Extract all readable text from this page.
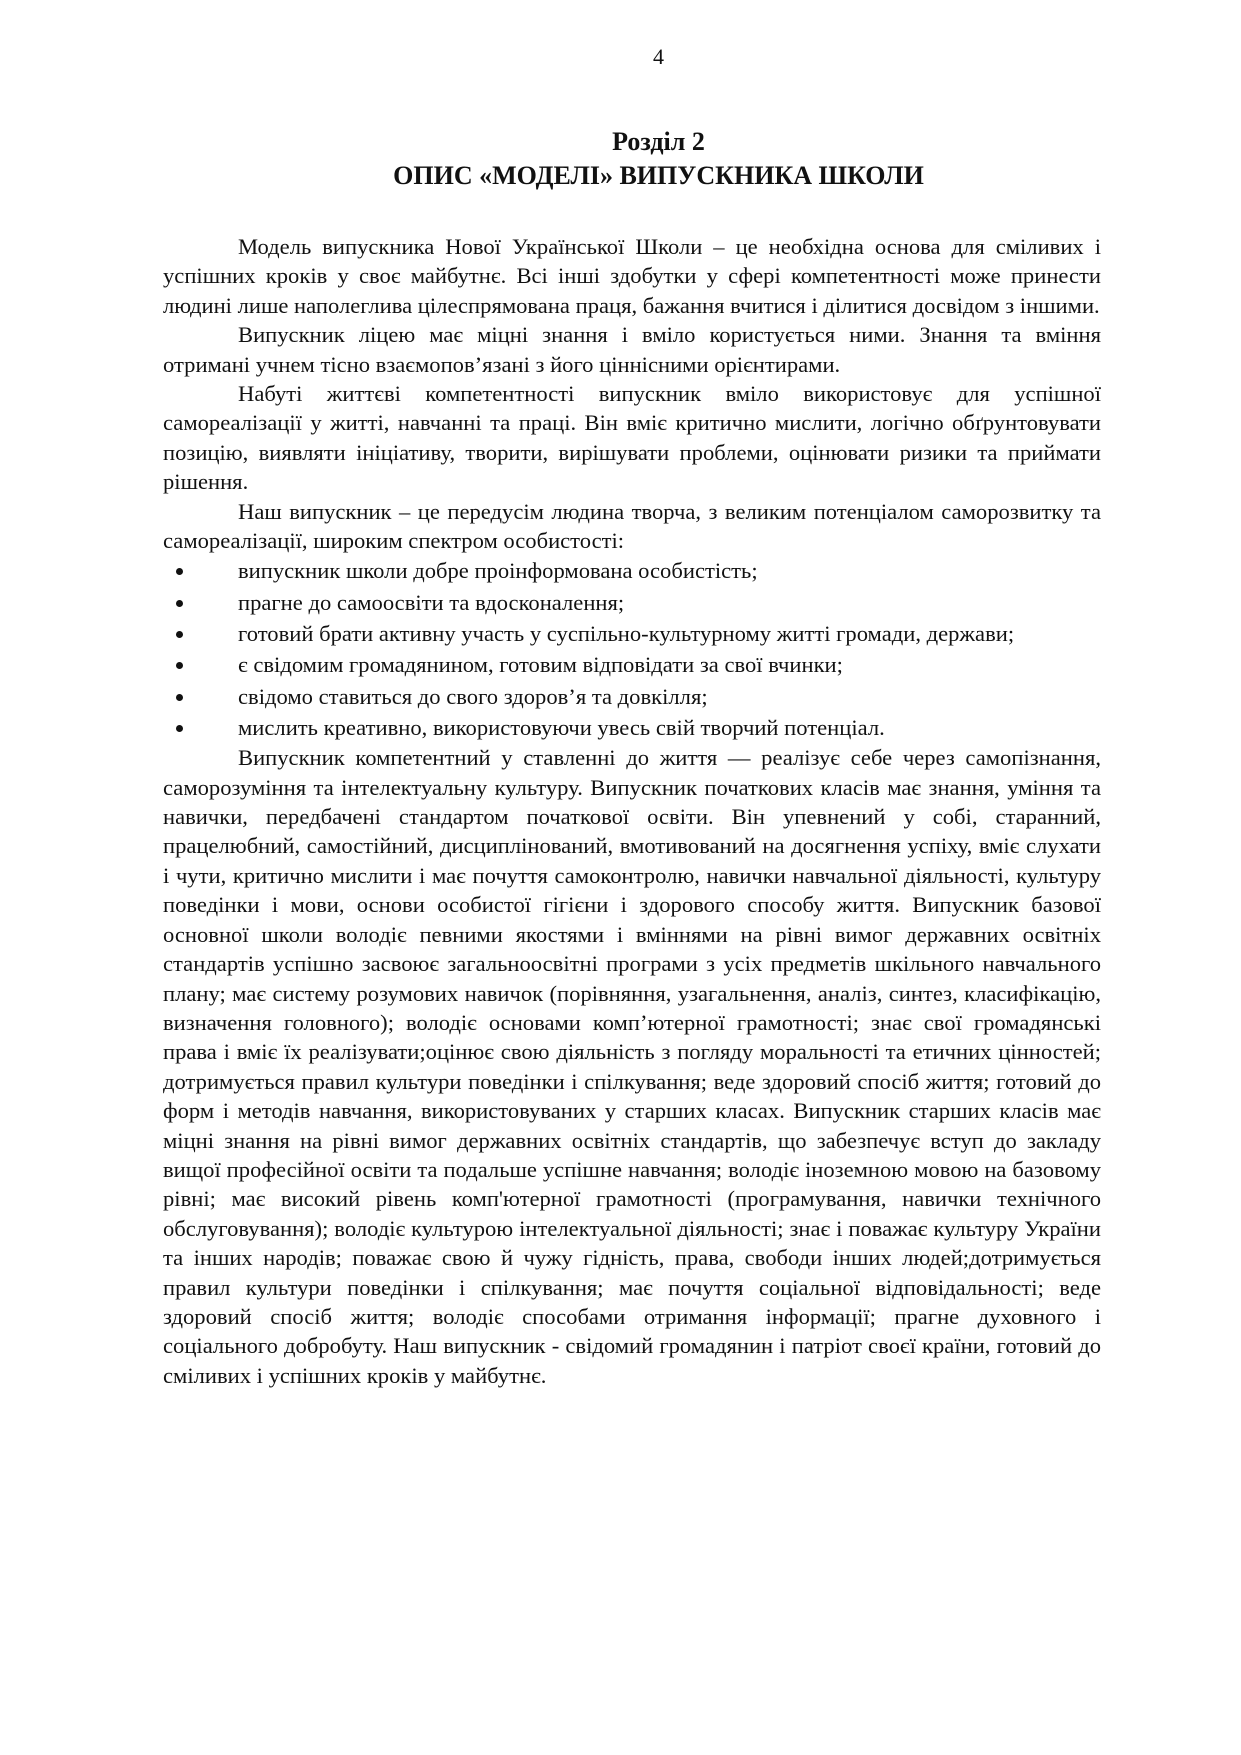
4
Розділ 2
ОПИС «МОДЕЛІ» ВИПУСКНИКА ШКОЛИ

Модель випускника Нової Української Школи – це необхідна основа для сміливих і успішних кроків у своє майбутнє. Всі інші здобутки у сфері компетентності може принести людині лише наполеглива цілеспрямована праця, бажання вчитися і ділитися досвідом з іншими.

Випускник ліцею має міцні знання і вміло користується ними. Знання та вміння отримані учнем тісно взаємопов’язані з його ціннісними орієнтирами.

Набуті життєві компетентності випускник вміло використовує для успішної самореалізації у житті, навчанні та праці. Він вміє критично мислити, логічно обґрунтовувати позицію, виявляти ініціативу, творити, вирішувати проблеми, оцінювати ризики та приймати рішення.

Наш випускник – це передусім людина творча, з великим потенціалом саморозвитку та самореалізації, широким спектром особистості:

випускник школи добре проінформована особистість;
прагне до самоосвіти та вдосконалення;
готовий брати активну участь у суспільно-культурному житті громади, держави;
є свідомим громадянином, готовим відповідати за свої вчинки;
свідомо ставиться до свого здоров’я та довкілля;
мислить креативно, використовуючи увесь свій творчий потенціал.

Випускник компетентний у ставленні до життя — реалізує себе через самопізнання, саморозуміння та інтелектуальну культуру. Випускник початкових класів має знання, уміння та навички, передбачені стандартом початкової освіти. Він упевнений у собі, старанний, працелюбний, самостійний, дисциплінований, вмотивований на досягнення успіху, вміє слухати і чути, критично мислити і має почуття самоконтролю, навички навчальної діяльності, культуру поведінки і мови, основи особистої гігієни і здорового способу життя. Випускник базової основної школи володіє певними якостями і вміннями на рівні вимог державних освітніх стандартів успішно засвоює загальноосвітні програми з усіх предметів шкільного навчального плану; має систему розумових навичок (порівняння, узагальнення, аналіз, синтез, класифікацію, визначення головного); володіє основами комп’ютерної грамотності; знає свої громадянські права і вміє їх реалізувати;оцінює свою діяльність з погляду моральності та етичних цінностей; дотримується правил культури поведінки і спілкування; веде здоровий спосіб життя; готовий до форм і методів навчання, використовуваних у старших класах. Випускник старших класів має міцні знання на рівні вимог державних освітніх стандартів, що забезпечує вступ до закладу вищої професійної освіти та подальше успішне навчання; володіє іноземною мовою на базовому рівні; має високий рівень комп'ютерної грамотності (програмування, навички технічного обслуговування); володіє культурою інтелектуальної діяльності; знає і поважає культуру України та інших народів; поважає свою й чужу гідність, права, свободи інших людей;дотримується правил культури поведінки і спілкування; має почуття соціальної відповідальності; веде здоровий спосіб життя; володіє способами отримання інформації; прагне духовного і соціального добробуту. Наш випускник - свідомий громадянин і патріот своєї країни, готовий до сміливих і успішних кроків у майбутнє.
